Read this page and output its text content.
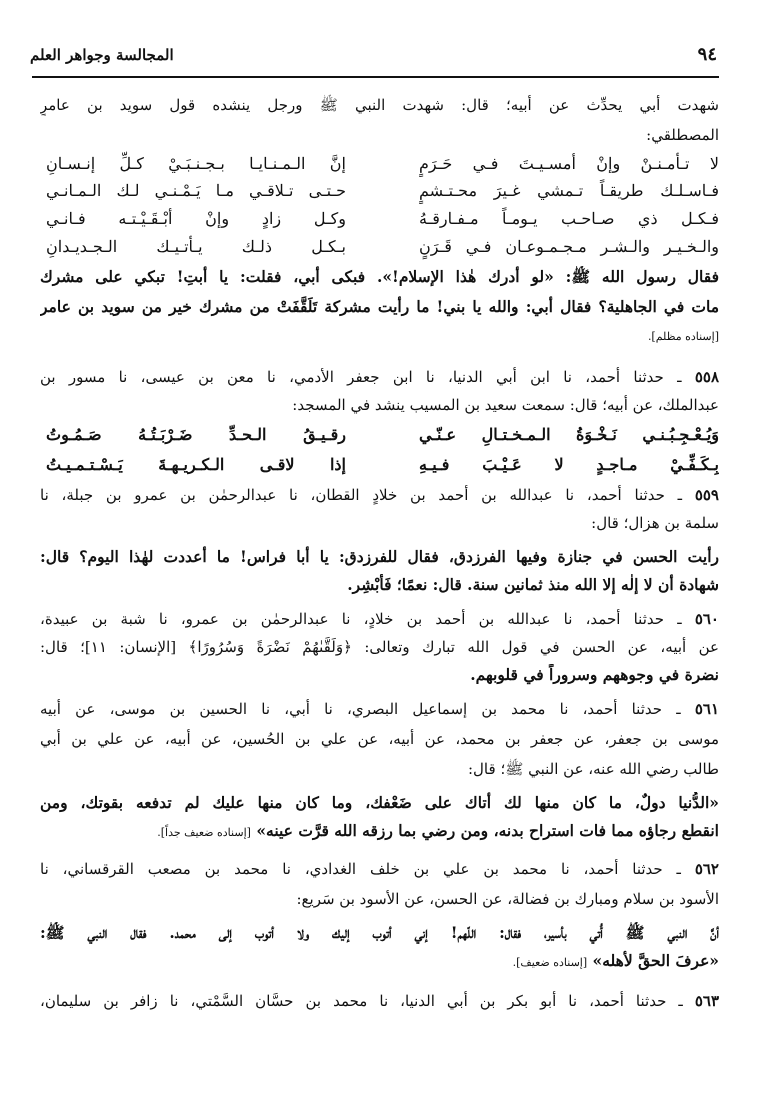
٩٤
المجالسة وجواهر العلم
شهدت أبي يحدِّث عن أبيه؛ قال: شهدت النبي ﷺ ورجل ينشده قول سويد بن عامرٍ
المصطلقي:
لا تـأمـنـنْ وإنْ أمسـيـتَ فـي حَـرَمٍ
إنَّ الـمـنـايـا بـجـنـبَـيْ كـلِّ إنـسـانِ
فـاسـلـك طريقـاً تـمشي غـيرَ محـتـشمٍ
حـتـى تـلاقـي مـا يَـمْـنـي لـك الـمـانـي
فـكـل ذي صـاحـب يـومـاً مـفـارقـهُ
وكـل زادٍ وإنْ أبْـقَـيْـتـه فـانـي
والـخـيـر والـشـر مـجـمـوعـان فـي قَـرَنٍ
بـكـل ذلـك يـأتـيـك الـجـديـدانِ
فقال رسول الله ﷺ: «لو أدرك هٰذا الإسلام!». فبكى أبي، فقلت: يا أبتِ! تبكي على مشرك
مات في الجاهلية؟ فقال أبي: والله يا بني! ما رأيت مشركة تَلَقَّفَتْ من مشرك خير من سويد بن عامر
[إسناده مظلم].
٥٥٨ ـ حدثنا أحمد، نا ابن أبي الدنيا، نا ابن جعفر الأدمي، نا معن بن عيسى، نا مسور بن
عبدالملك، عن أبيه؛ قال: سمعت سعيد بن المسيب ينشد في المسجد:
وَيُـعْـجِـبُـنـي نَـخْـوَةُ الـمـخـتـالِ عـنّـي
رقـيـقُ الـحـدِّ ضَـرْبَـتُـهُ صَـمُـوتُ
بِـكَـفِّـيْ مـاجـدٍ لا عَـيْـبَ فـيـهِ
إذا لاقـى الـكـريـهـةَ يَـسْـتـمـيـتُ
٥٥٩ ـ حدثنا أحمد، نا عبدالله بن أحمد بن خلادٍ القطان، نا عبدالرحمٰن بن عمرو بن جبلة، نا
سلمة بن هزال؛ قال:
رأيت الحسن في جنازة وفيها الفرزدق، فقال للفرزدق: يا أبا فراس! ما أعددت لهٰذا اليوم؟ قال:
شهادة أن لا إلٰه إلا الله منذ ثمانين سنة. قال: نعمًا؛ فَأَبْشِر.
٥٦٠ ـ حدثنا أحمد، نا عبدالله بن أحمد بن خلادٍ، نا عبدالرحمٰن بن عمرو، نا شبة بن عبيدة،
عن أبيه، عن الحسن في قول الله تبارك وتعالى: ﴿وَلَقَّىٰهُمْ نَضْرَةً وَسُرُورًا﴾ [الإنسان: ١١]؛ قال:
نضرة في وجوههم وسروراً في قلوبهم.
٥٦١ ـ حدثنا أحمد، نا محمد بن إسماعيل البصري، نا أبي، نا الحسين بن موسى، عن أبيه
موسى بن جعفر، عن جعفر بن محمد، عن أبيه، عن علي بن الحُسين، عن أبيه، عن علي بن أبي
طالب رضي الله عنه، عن النبي ﷺ؛ قال:
«الدُّنيا دولٌ، ما كان منها لك أتاك على ضَعْفك، وما كان منها عليك لم تدفعه بقوتك، ومن
انقطع رجاؤه مما فات استراح بدنه، ومن رضي بما رزقه الله قرَّت عينه» [إسناده ضعيف جداً].
٥٦٢ ـ حدثنا أحمد، نا محمد بن علي بن خلف الغدادي، نا محمد بن مصعب القرقساني، نا
الأسود بن سلام ومبارك بن فضالة، عن الحسن، عن الأسود بن سَريع:
أنَّ النبي ﷺ أُتي بأسير، فقال: اللّهم! إني أتوب إليك ولا أتوب إلى محمد. فقال النبي ﷺ:
«عرفَ الحقَّ لأهله» [إسناده ضعيف].
٥٦٣ ـ حدثنا أحمد، نا أبو بكر بن أبي الدنيا، نا محمد بن حسَّان السَّمْتي، نا زافر بن سليمان،
